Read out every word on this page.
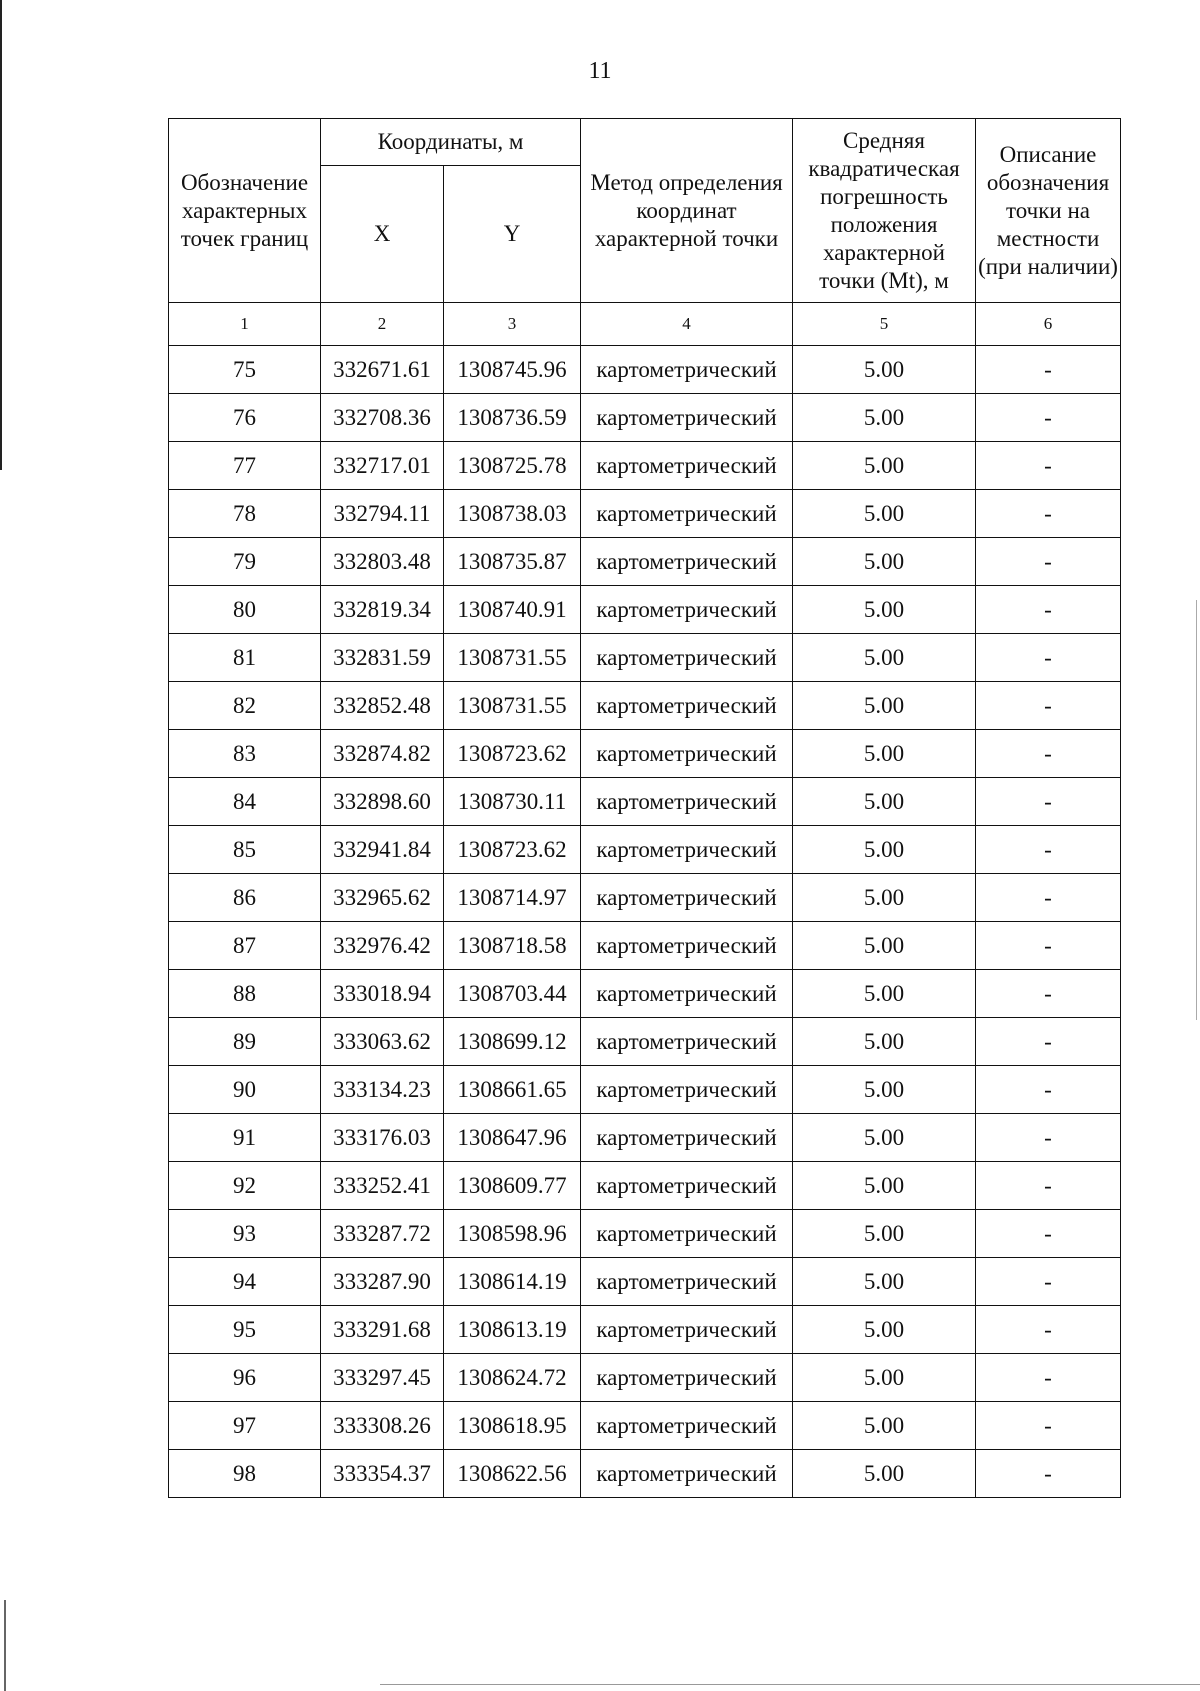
11
Обозначение характерных точек границ	Координаты, м		Метод определения координат характерной точки	Средняя квадратическая погрешность положения характерной точки (Mt), м	Описание обозначения точки на местности (при наличии)
	X	Y			
1	2	3	4	5	6
75	332671.61	1308745.96	картометрический	5.00	-
76	332708.36	1308736.59	картометрический	5.00	-
77	332717.01	1308725.78	картометрический	5.00	-
78	332794.11	1308738.03	картометрический	5.00	-
79	332803.48	1308735.87	картометрический	5.00	-
80	332819.34	1308740.91	картометрический	5.00	-
81	332831.59	1308731.55	картометрический	5.00	-
82	332852.48	1308731.55	картометрический	5.00	-
83	332874.82	1308723.62	картометрический	5.00	-
84	332898.60	1308730.11	картометрический	5.00	-
85	332941.84	1308723.62	картометрический	5.00	-
86	332965.62	1308714.97	картометрический	5.00	-
87	332976.42	1308718.58	картометрический	5.00	-
88	333018.94	1308703.44	картометрический	5.00	-
89	333063.62	1308699.12	картометрический	5.00	-
90	333134.23	1308661.65	картометрический	5.00	-
91	333176.03	1308647.96	картометрический	5.00	-
92	333252.41	1308609.77	картометрический	5.00	-
93	333287.72	1308598.96	картометрический	5.00	-
94	333287.90	1308614.19	картометрический	5.00	-
95	333291.68	1308613.19	картометрический	5.00	-
96	333297.45	1308624.72	картометрический	5.00	-
97	333308.26	1308618.95	картометрический	5.00	-
98	333354.37	1308622.56	картометрический	5.00	-
